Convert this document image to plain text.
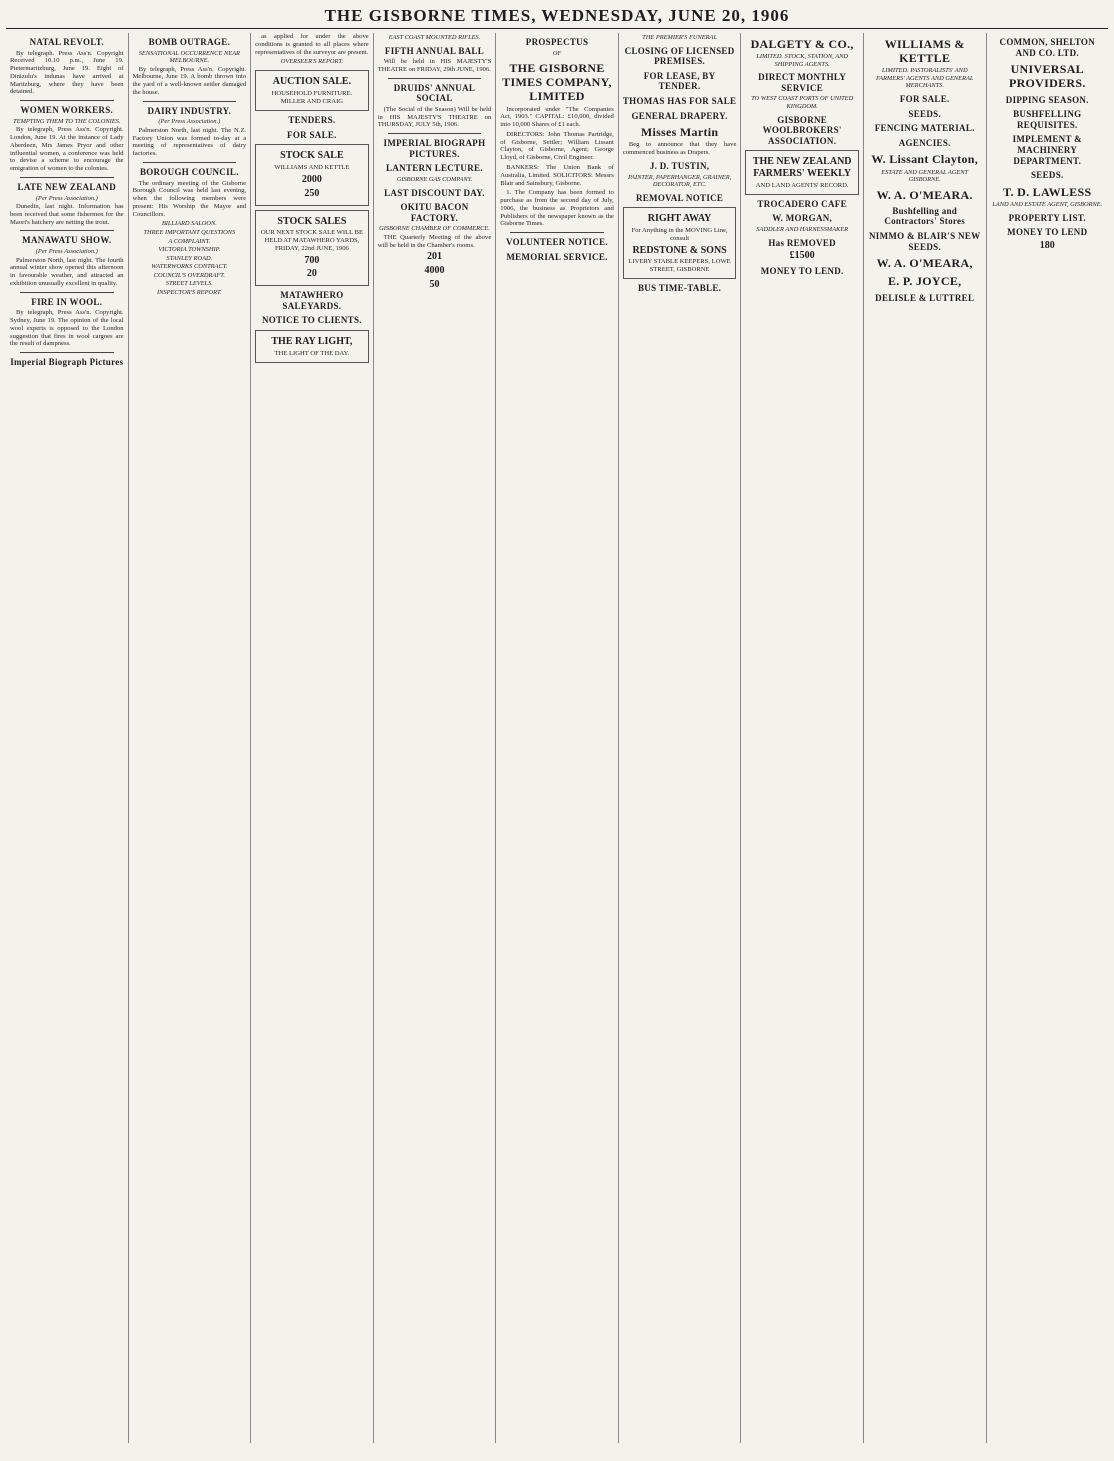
THE GISBORNE TIMES, WEDNESDAY, JUNE 20, 1906
NATAL REVOLT.

By telegraph. Press Ass'n. Copyright Received 10.10 p.m., June 19. Pietermaritzburg, June 19. Eight of Dinizulu's indunas have arrived at Maritzburg, where they have been detained.

WOMEN WORKERS.
TEMPTING THEM TO THE COLONIES.

By telegraph, Press Ass'n. Copyright. London, June 19. At the instance of Lady Aberdeen, Mrs James Pryor and other influential women, a conference was held to devise a scheme to encourage the emigration of women to the colonies.

LATE NEW ZEALAND
(Per Press Association.)

Dunedin, last night. Information has been received that some fishermen for the Maori's hatchery are netting the trout.

MANAWATU SHOW.
(Per Press Association.)

Palmerston North, last night. The fourth annual winter show opened this afternoon in favourable weather, and attracted an exhibition unusually excellent in quality.

FIRE IN WOOL.

By telegraph, Press Ass'n. Copyright. Sydney, June 19. The opinion of the local wool experts is opposed to the London suggestion that fires in wool cargoes are the result of dampness.

Imperial Biograph Pictures
BOMB OUTRAGE.
SENSATIONAL OCCURRENCE NEAR MELBOURNE.

By telegraph, Press Ass'n. Copyright. Melbourne, June 19. A bomb thrown into the yard of a well-known settler damaged the house.

DAIRY INDUSTRY.
(Per Press Association.)

Palmerston North, last night. The N.Z. Factory Union was formed to-day at a meeting of representatives of dairy factories.

BOROUGH COUNCIL.

The ordinary meeting of the Gisborne Borough Council was held last evening, when the following members were present: His Worship the Mayor and Councillors.

BILLIARD SALOON.
THREE IMPORTANT QUESTIONS
A COMPLAINT.
VICTORIA TOWNSHIP.
STANLEY ROAD.
WATERWORKS CONTRACT.
COUNCIL'S OVERDRAFT.
STREET LEVELS.
INSPECTOR'S REPORT.

as applied for under the above conditions is granted to all places where representatives of the surveyor are present.

OVERSEER'S REPORT.
AUCTION SALE.
HOUSEHOLD FURNITURE.
MILLER AND CRAIG
TENDERS.
FOR SALE.
STOCK SALE
WILLIAMS AND KETTLE
2000
250
STOCK SALES
OUR NEXT STOCK SALE WILL BE HELD AT MATAWHERO YARDS, FRIDAY, 22nd JUNE, 1906
700
20
MATAWHERO SALEYARDS.
NOTICE TO CLIENTS.
THE RAY LIGHT,
THE LIGHT OF THE DAY.
EAST COAST MOUNTED RIFLES.
FIFTH ANNUAL BALL

Will be held in HIS MAJESTY'S THEATRE on FRIDAY, 29th JUNE, 1906.

DRUIDS' ANNUAL SOCIAL

(The Social of the Season) Will be held in HIS MAJESTY'S THEATRE on THURSDAY, JULY 5th, 1906.

IMPERIAL BIOGRAPH PICTURES.
LANTERN LECTURE.
GISBORNE GAS COMPANY.
LAST DISCOUNT DAY.
OKITU BACON FACTORY.
GISBORNE CHAMBER OF COMMERCE.

THE Quarterly Meeting of the above will be held in the Chamber's rooms.

201
4000
50
PROSPECTUS
OF
THE GISBORNE TIMES COMPANY, LIMITED

Incorporated under "The Companies Act, 1903." CAPITAL: £10,000, divided into 10,000 Shares of £1 each.

DIRECTORS: John Thomas Partridge, of Gisborne, Settler; William Lissant Clayton, of Gisborne, Agent; George Lloyd, of Gisborne, Civil Engineer.

BANKERS: The Union Bank of Australia, Limited. SOLICITORS: Messrs Blair and Sainsbury, Gisborne.

1. The Company has been formed to purchase as from the second day of July, 1906, the business as Proprietors and Publishers of the newspaper known as the Gisborne Times.

VOLUNTEER NOTICE.
MEMORIAL SERVICE.
THE PREMIER'S FUNERAL
CLOSING OF LICENSED PREMISES.
FOR LEASE, BY TENDER.
THOMAS HAS FOR SALE
GENERAL DRAPERY.
Misses Martin

Beg to announce that they have commenced business as Drapers.

J. D. TUSTIN,
PAINTER, PAPERHANGER, GRAINER, DECORATOR, ETC.
REMOVAL NOTICE
RIGHT AWAY
For Anything in the MOVING Line, consult
REDSTONE & SONS
LIVERY STABLE KEEPERS, LOWE STREET, GISBORNE
BUS TIME-TABLE.
DALGETY & CO.,
LIMITED. STOCK, STATION, AND SHIPPING AGENTS.
DIRECT MONTHLY SERVICE
TO WEST COAST PORTS OF UNITED KINGDOM.
GISBORNE WOOLBROKERS' ASSOCIATION.
THE NEW ZEALAND FARMERS' WEEKLY
AND LAND AGENTS' RECORD.
TROCADERO CAFE
W. MORGAN,
SADDLER AND HARNESSMAKER
Has REMOVED
£1500
MONEY TO LEND.
WILLIAMS & KETTLE
LIMITED. PASTORALISTS' AND FARMERS' AGENTS AND GENERAL MERCHANTS.
FOR SALE.
SEEDS.
FENCING MATERIAL.
AGENCIES.
W. Lissant Clayton,
ESTATE AND GENERAL AGENT GISBORNE.
W. A. O'MEARA.
Bushfelling and Contractors' Stores
NIMMO & BLAIR'S NEW SEEDS.
W. A. O'MEARA,
E. P. JOYCE,
DELISLE & LUTTREL
COMMON, SHELTON AND CO. LTD.
UNIVERSAL PROVIDERS.
DIPPING SEASON.
BUSHFELLING REQUISITES.
IMPLEMENT & MACHINERY DEPARTMENT.
SEEDS.
T. D. LAWLESS
LAND AND ESTATE AGENT, GISBORNE.
PROPERTY LIST.
MONEY TO LEND
180
